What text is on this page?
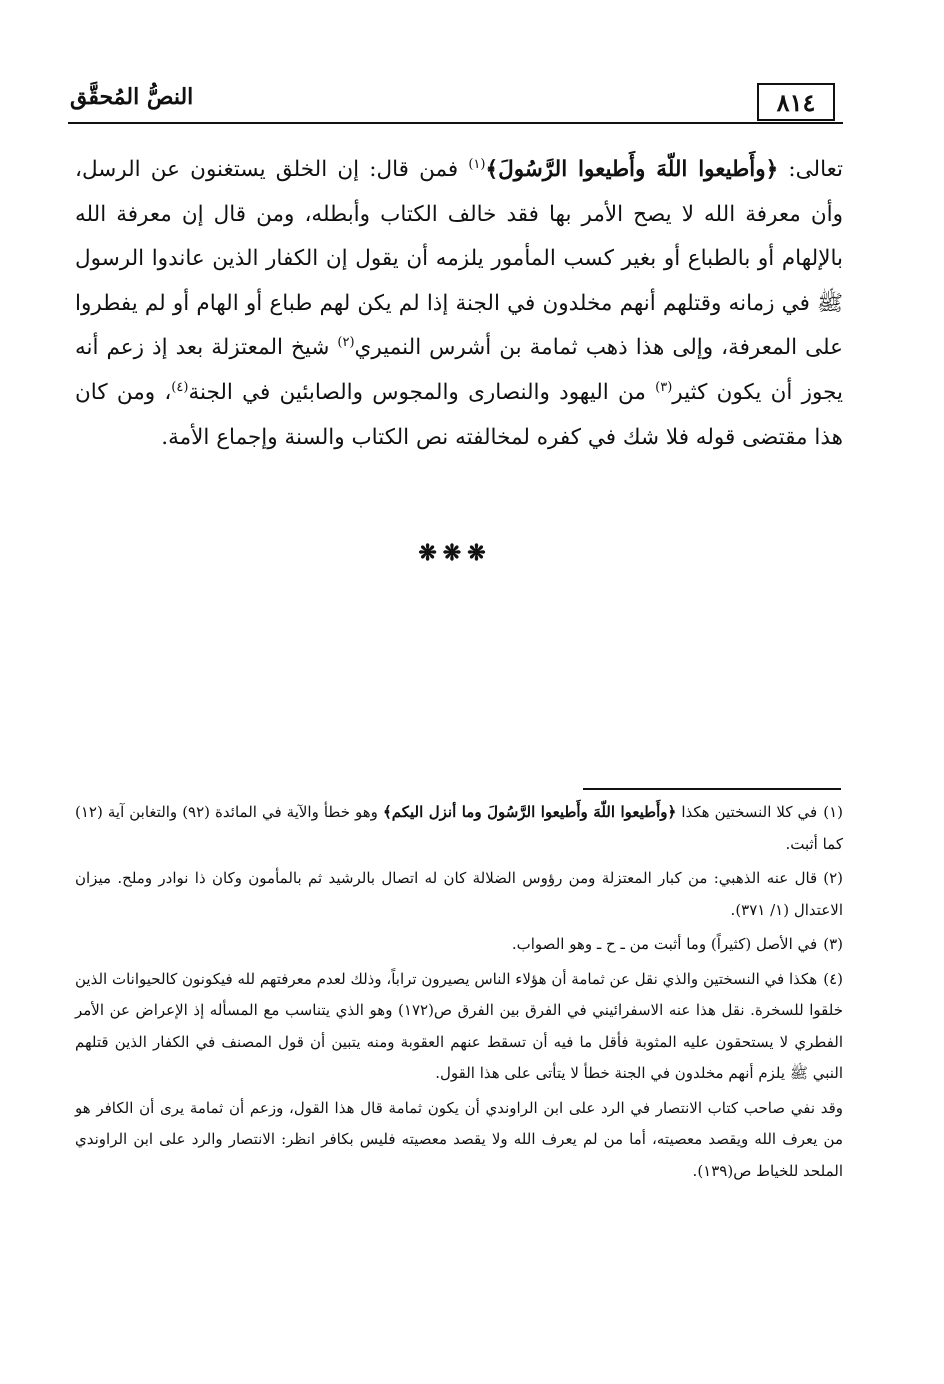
٨١٤
النصُّ المُحقَّق

تعالى: ﴿وأَطيعوا اللّهَ وأَطيعوا الرَّسُولَ﴾$^{(١)}$ فمن قال: إن الخلق يستغنون عن الرسل، وأن معرفة الله لا يصح الأمر بها فقد خالف الكتاب وأبطله، ومن قال إن معرفة الله بالإلهام أو بالطباع أو بغير كسب المأمور يلزمه أن يقول إن الكفار الذين عاندوا الرسول ﷺ في زمانه وقتلهم أنهم مخلدون في الجنة إذا لم يكن لهم طباع أو الهام أو لم يفطروا على المعرفة، وإلى هذا ذهب ثمامة بن أشرس النميري$^{(٢)}$ شيخ المعتزلة بعد إذ زعم أنه يجوز أن يكون كثير$^{(٣)}$ من اليهود والنصارى والمجوس والصابئين في الجنة$^{(٤)}$، ومن كان هذا مقتضى قوله فلا شك في كفره لمخالفته نص الكتاب والسنة وإجماع الأمة.

❋❋❋

(١)في كلا النسختين هكذا ﴿وأَطيعوا اللّهَ وأَطيعوا الرَّسُولَ وما أنزل اليكم﴾ وهو خطأ والآية في المائدة (٩٢) والتغابن آية (١٢) كما أثبت.

(٢)قال عنه الذهبي: من كبار المعتزلة ومن رؤوس الضلالة كان له اتصال بالرشيد ثم بالمأمون وكان ذا نوادر وملح. ميزان الاعتدال (١/ ٣٧١).

(٣)في الأصل (كثيراً) وما أثبت من ـ ح ـ وهو الصواب.

(٤)هكذا في النسختين والذي نقل عن ثمامة أن هؤلاء الناس يصيرون تراباً، وذلك لعدم معرفتهم لله فيكونون كالحيوانات الذين خلقوا للسخرة. نقل هذا عنه الاسفرائيني في الفرق بين الفرق ص(١٧٢) وهو الذي يتناسب مع المسأله إذ الإعراض عن الأمر الفطري لا يستحقون عليه المثوبة فأقل ما فيه أن تسقط عنهم العقوبة ومنه يتبين أن قول المصنف في الكفار الذين قتلهم النبي ﷺ يلزم أنهم مخلدون في الجنة خطأ لا يتأتى على هذا القول.

وقد نفي صاحب كتاب الانتصار في الرد على ابن الراوندي أن يكون ثمامة قال هذا القول، وزعم أن ثمامة يرى أن الكافر هو من يعرف الله ويقصد معصيته، أما من لم يعرف الله ولا يقصد معصيته فليس بكافر انظر: الانتصار والرد على ابن الراوندي الملحد للخياط ص(١٣٩).
